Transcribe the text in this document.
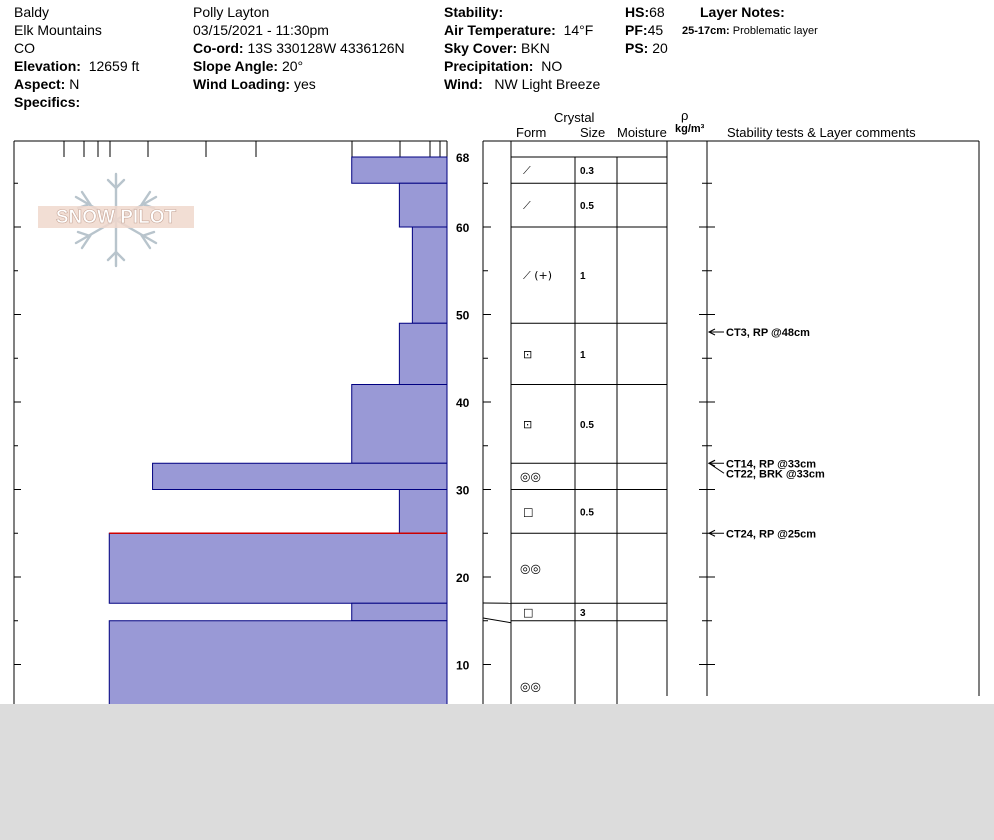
Baldy
Elk Mountains
CO
Elevation: 12659 ft
Aspect: N
Specifics:
Polly Layton
03/15/2021 - 11:30pm
Co-ord: 13S 330128W 4336126N
Slope Angle: 20°
Wind Loading: yes
Stability:
Air Temperature: 14°F
Sky Cover: BKN
Precipitation: NO
Wind: NW Light Breeze
HS:68
PF:45
PS: 20
Layer Notes:
25-17cm: Problematic layer
Crystal
Form	Size Moisture
ρ
kg/m³ Stability tests & Layer comments
SNOW PILOT
10
20
30
40
50
60
68
⟋	0.3
⟋	0.5
⟋ (+)	1
⊡	1
⊡	0.5
◎◎
□	0.5
◎◎
□	3
◎◎
CT3, RP @48cm
CT14, RP @33cm
CT22, BRK @33cm
CT24, RP @25cm
